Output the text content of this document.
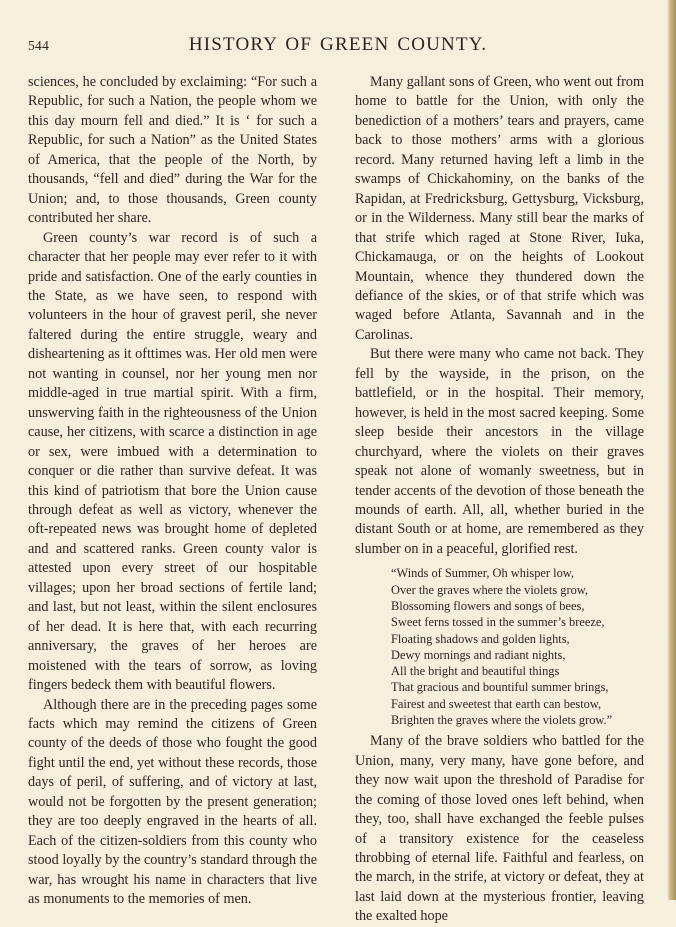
544	HISTORY OF GREEN COUNTY.

sciences, he concluded by exclaiming: “For such a Republic, for such a Nation, the people whom we this day mourn fell and died.” It is ‘ for such a Republic, for such a Nation” as the United States of America, that the people of the North, by thousands, “fell and died” during the War for the Union; and, to those thousands, Green county contributed her share.

Green county’s war record is of such a character that her people may ever refer to it with pride and satisfaction. One of the early counties in the State, as we have seen, to respond with volunteers in the hour of gravest peril, she never faltered during the entire struggle, weary and disheartening as it ofttimes was. Her old men were not wanting in counsel, nor her young men nor middle-aged in true martial spirit. With a firm, unswerving faith in the righteousness of the Union cause, her citizens, with scarce a distinction in age or sex, were imbued with a determination to conquer or die rather than survive defeat. It was this kind of patriotism that bore the Union cause through defeat as well as victory, whenever the oft-repeated news was brought home of depleted and and scattered ranks. Green county valor is attested upon every street of our hospitable villages; upon her broad sections of fertile land; and last, but not least, within the silent enclosures of her dead. It is here that, with each recurring anniversary, the graves of her heroes are moistened with the tears of sorrow, as loving fingers bedeck them with beautiful flowers.

Although there are in the preceding pages some facts which may remind the citizens of Green county of the deeds of those who fought the good fight until the end, yet without these records, those days of peril, of suffering, and of victory at last, would not be forgotten by the present generation; they are too deeply engraved in the hearts of all. Each of the citizen-soldiers from this county who stood loyally by the country’s standard through the war, has wrought his name in characters that live as monuments to the memories of men.

Many gallant sons of Green, who went out from home to battle for the Union, with only the benediction of a mothers’ tears and prayers, came back to those mothers’ arms with a glorious record. Many returned having left a limb in the swamps of Chickahominy, on the banks of the Rapidan, at Fredricksburg, Gettysburg, Vicksburg, or in the Wilderness. Many still bear the marks of that strife which raged at Stone River, Iuka, Chickamauga, or on the heights of Lookout Mountain, whence they thundered down the defiance of the skies, or of that strife which was waged before Atlanta, Savannah and in the Carolinas.

But there were many who came not back. They fell by the wayside, in the prison, on the battlefield, or in the hospital. Their memory, however, is held in the most sacred keeping. Some sleep beside their ancestors in the village churchyard, where the violets on their graves speak not alone of womanly sweetness, but in tender accents of the devotion of those beneath the mounds of earth. All, all, whether buried in the distant South or at home, are remembered as they slumber on in a peaceful, glorified rest.

“Winds of Summer, Oh whisper low,
Over the graves where the violets grow,
Blossoming flowers and songs of bees,
Sweet ferns tossed in the summer’s breeze,
Floating shadows and golden lights,
Dewy mornings and radiant nights,
All the bright and beautiful things
That gracious and bountiful summer brings,
Fairest and sweetest that earth can bestow,
Brighten the graves where the violets grow.”

Many of the brave soldiers who battled for the Union, many, very many, have gone before, and they now wait upon the threshold of Paradise for the coming of those loved ones left behind, when they, too, shall have exchanged the feeble pulses of a transitory existence for the ceaseless throbbing of eternal life. Faithful and fearless, on the march, in the strife, at victory or defeat, they at last laid down at the mysterious frontier, leaving the exalted hope
